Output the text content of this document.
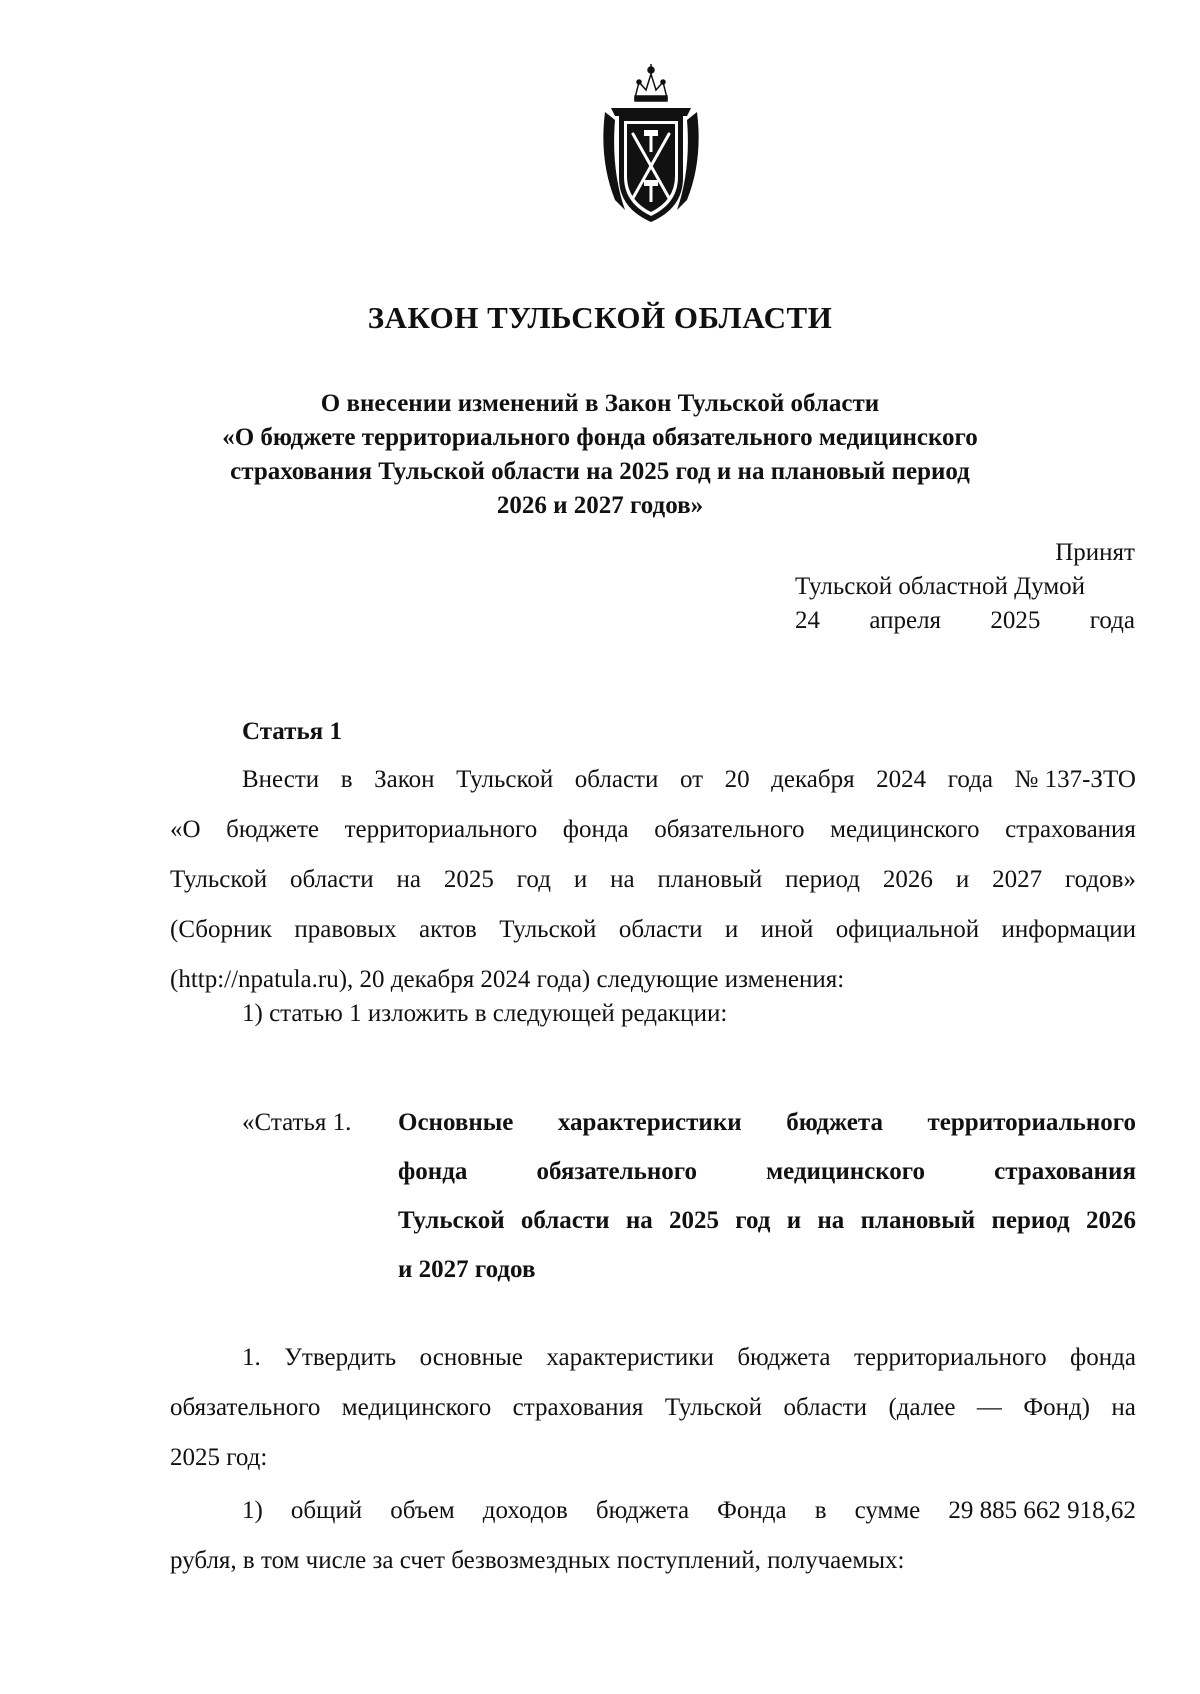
ЗАКОН ТУЛЬСКОЙ ОБЛАСТИ
О внесении изменений в Закон Тульской области
«О бюджете территориального фонда обязательного медицинского
страхования Тульской области на 2025 год и на плановый период
2026 и 2027 годов»
Принят
Тульской областной Думой
24 апреля 2025 года
Статья 1
Внести в Закон Тульской области от 20 декабря 2024 года № 137-ЗТО
«О бюджете территориального фонда обязательного медицинского страхования
Тульской области на 2025 год и на плановый период 2026 и 2027 годов»
(Сборник правовых актов Тульской области и иной официальной информации
(http://npatula.ru), 20 декабря 2024 года) следующие изменения:
1) статью 1 изложить в следующей редакции:
«Статья 1. Основные характеристики бюджета территориального
фонда	обязательного	медицинского	страхования
Тульской области на 2025 год и на плановый период 2026
и 2027 годов
1. Утвердить основные характеристики бюджета территориального фонда
обязательного медицинского страхования Тульской области (далее — Фонд) на
2025 год:
1) общий объем доходов бюджета Фонда в сумме 29 885 662 918,62
рубля, в том числе за счет безвозмездных поступлений, получаемых:
